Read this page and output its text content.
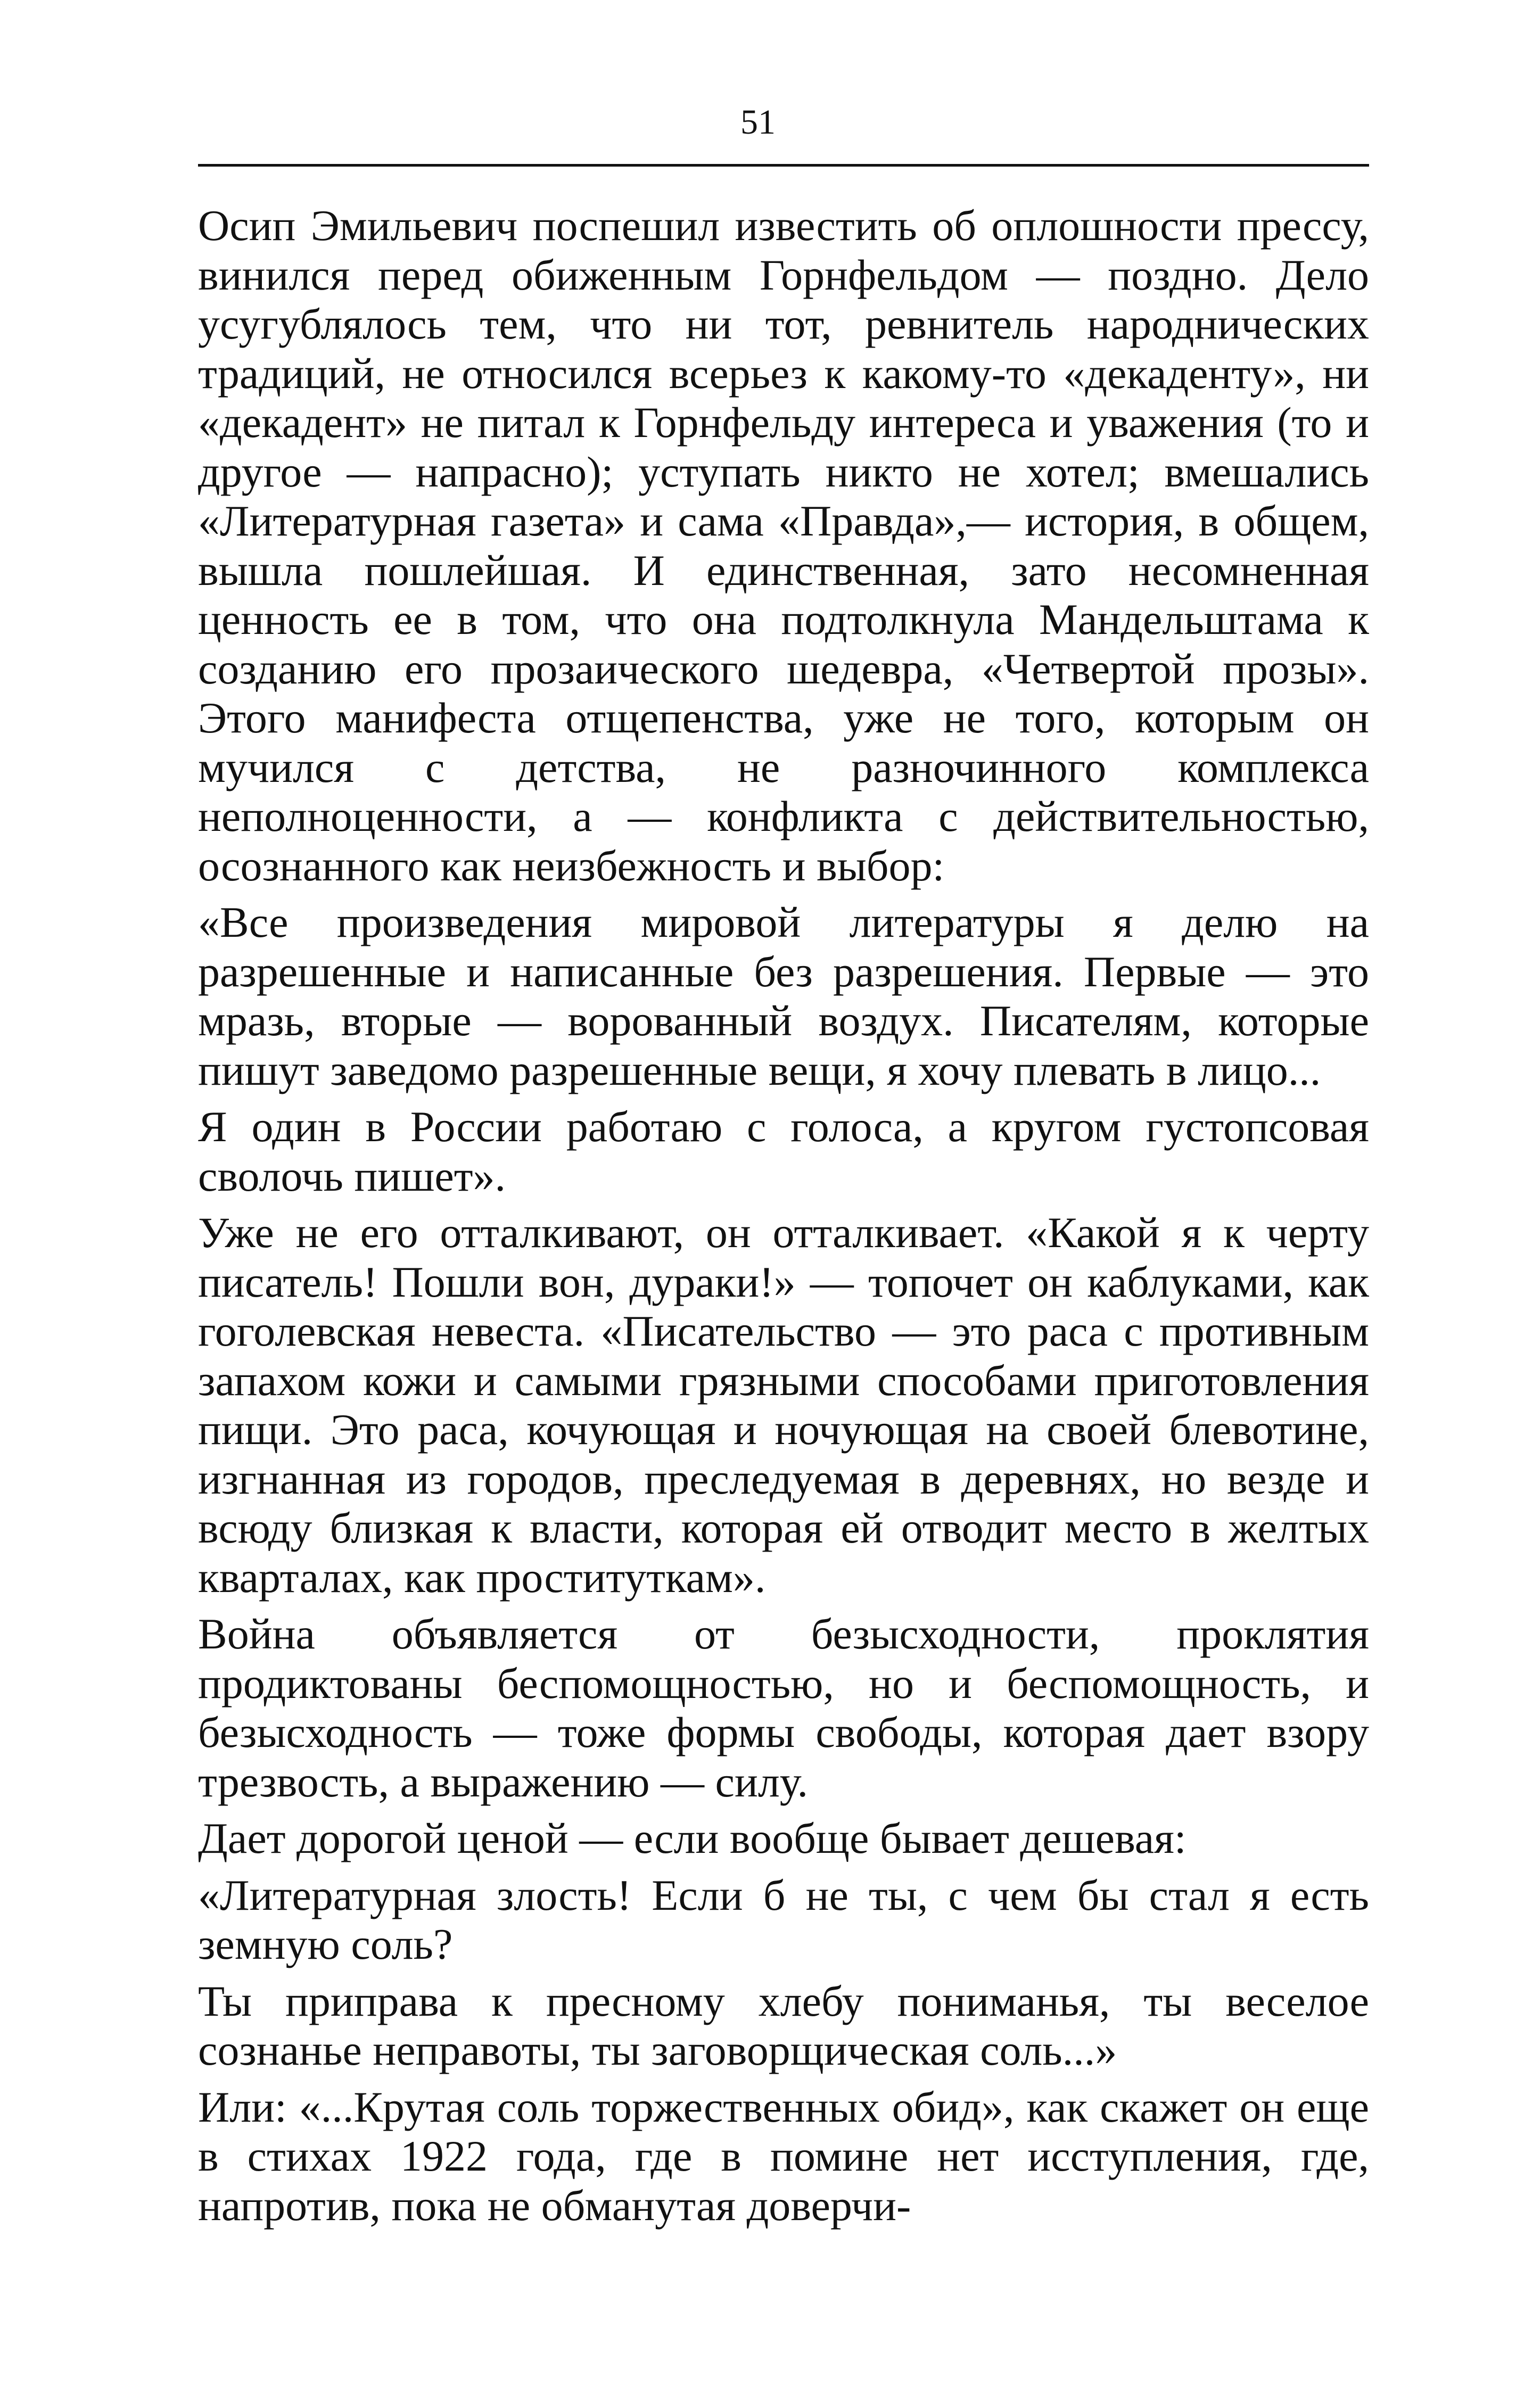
51

Осип Эмильевич поспешил известить об оплошности прессу, винился перед обиженным Горнфельдом — поздно. Дело усугублялось тем, что ни тот, ревнитель народнических традиций, не относился всерьез к какому-то «декаденту», ни «декадент» не питал к Горнфельду интереса и уважения (то и другое — напрасно); уступать никто не хотел; вмешались «Литературная газета» и сама «Правда»,— история, в общем, вышла пошлейшая. И единственная, зато несомненная ценность ее в том, что она подтолкнула Мандельштама к созданию его прозаического шедевра, «Четвертой прозы». Этого манифеста отщепенства, уже не того, которым он мучился с детства, не разночинного комплекса неполноценности, а — конфликта с действительностью, осознанного как неизбежность и выбор:

«Все произведения мировой литературы я делю на разрешенные и написанные без разрешения. Первые — это мразь, вторые — ворованный воздух. Писателям, которые пишут заведомо разрешенные вещи, я хочу плевать в лицо...

Я один в России работаю с голоса, а кругом густопсовая сволочь пишет».

Уже не его отталкивают, он отталкивает. «Какой я к черту писатель! Пошли вон, дураки!» — топочет он каблуками, как гоголевская невеста. «Писательство — это раса с противным запахом кожи и самыми грязными способами приготовления пищи. Это раса, кочующая и ночующая на своей блевотине, изгнанная из городов, преследуемая в деревнях, но везде и всюду близкая к власти, которая ей отводит место в желтых кварталах, как проституткам».

Война объявляется от безысходности, проклятия продиктованы беспомощностью, но и беспомощность, и безысходность — тоже формы свободы, которая дает взору трезвость, а выражению — силу.

Дает дорогой ценой — если вообще бывает дешевая:

«Литературная злость! Если б не ты, с чем бы стал я есть земную соль?

Ты приправа к пресному хлебу пониманья, ты веселое сознанье неправоты, ты заговорщическая соль...»

Или: «...Крутая соль торжественных обид», как скажет он еще в стихах 1922 года, где в помине нет исступления, где, напротив, пока не обманутая доверчи-
